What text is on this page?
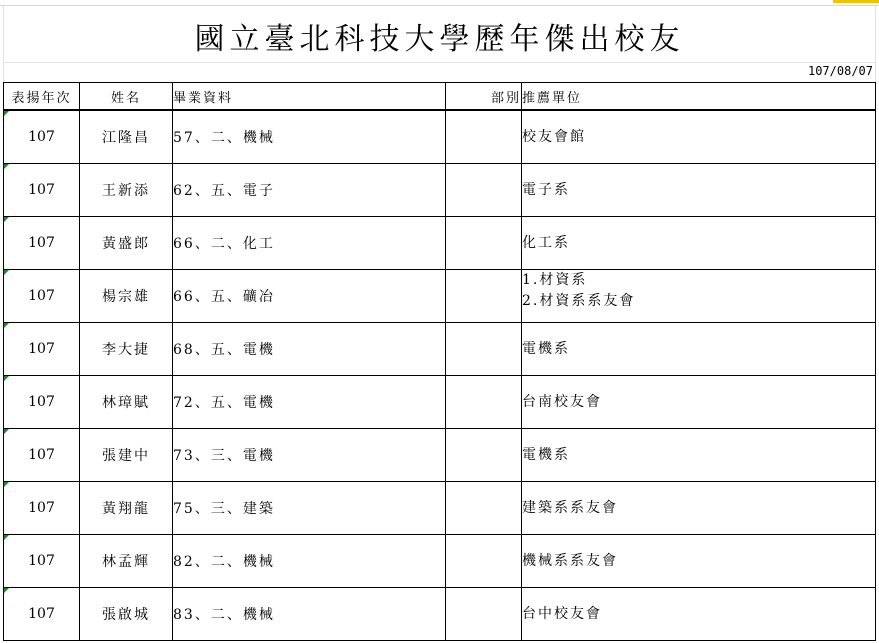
國立臺北科技大學歷年傑出校友
107/08/07
表揚年次	姓名	畢業資料	部別	推薦單位
107	江隆昌	57、二、機械		校友會館

107	王新添	62、五、電子		電子系

107	黃盛郎	66、二、化工		化工系

107	楊宗雄	66、五、礦冶		1.材資系
2.材資系系友會

107	李大捷	68、五、電機		電機系

107	林璋賦	72、五、電機		台南校友會

107	張建中	73、三、電機		電機系

107	黃翔龍	75、三、建築		建築系系友會

107	林孟輝	82、二、機械		機械系系友會

107	張啟城	83、二、機械		台中校友會
